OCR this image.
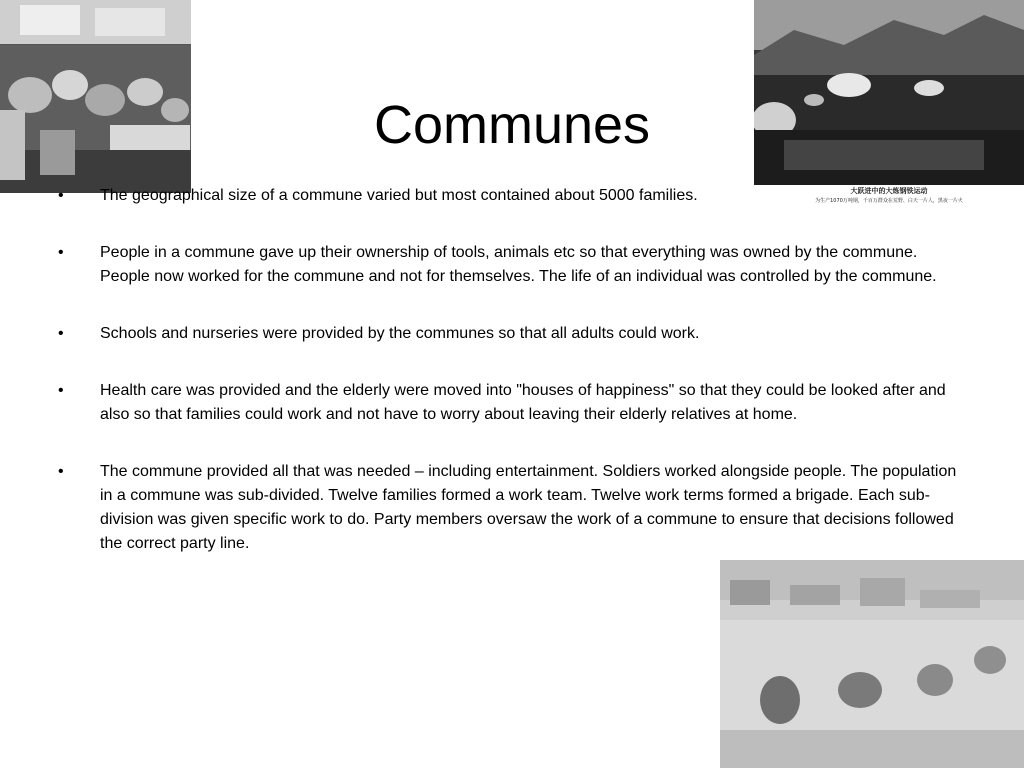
大跃进中的大炼钢铁运动
为生产1070万吨钢，千百万群众在荒野、白天一片人，黑夜一片火
Communes
•	The geographical size of a commune varied but most contained about 5000 families.
•	People in a commune gave up their ownership of tools, animals etc so that everything was owned by the commune. People now worked for the commune and not for themselves. The life of an individual was controlled by the commune.
•	Schools and nurseries were provided by the communes so that all adults could work.
•	Health care was provided and the elderly were moved into "houses of happiness" so that they could be looked after and also so that families could work and not have to worry about leaving their elderly relatives at home.
•	The commune provided all that was needed – including entertainment. Soldiers worked alongside people. The population in a commune was sub-divided. Twelve families formed a work team. Twelve work terms formed a brigade. Each sub-division was given specific work to do. Party members oversaw the work of a commune to ensure that decisions followed the correct party line.
